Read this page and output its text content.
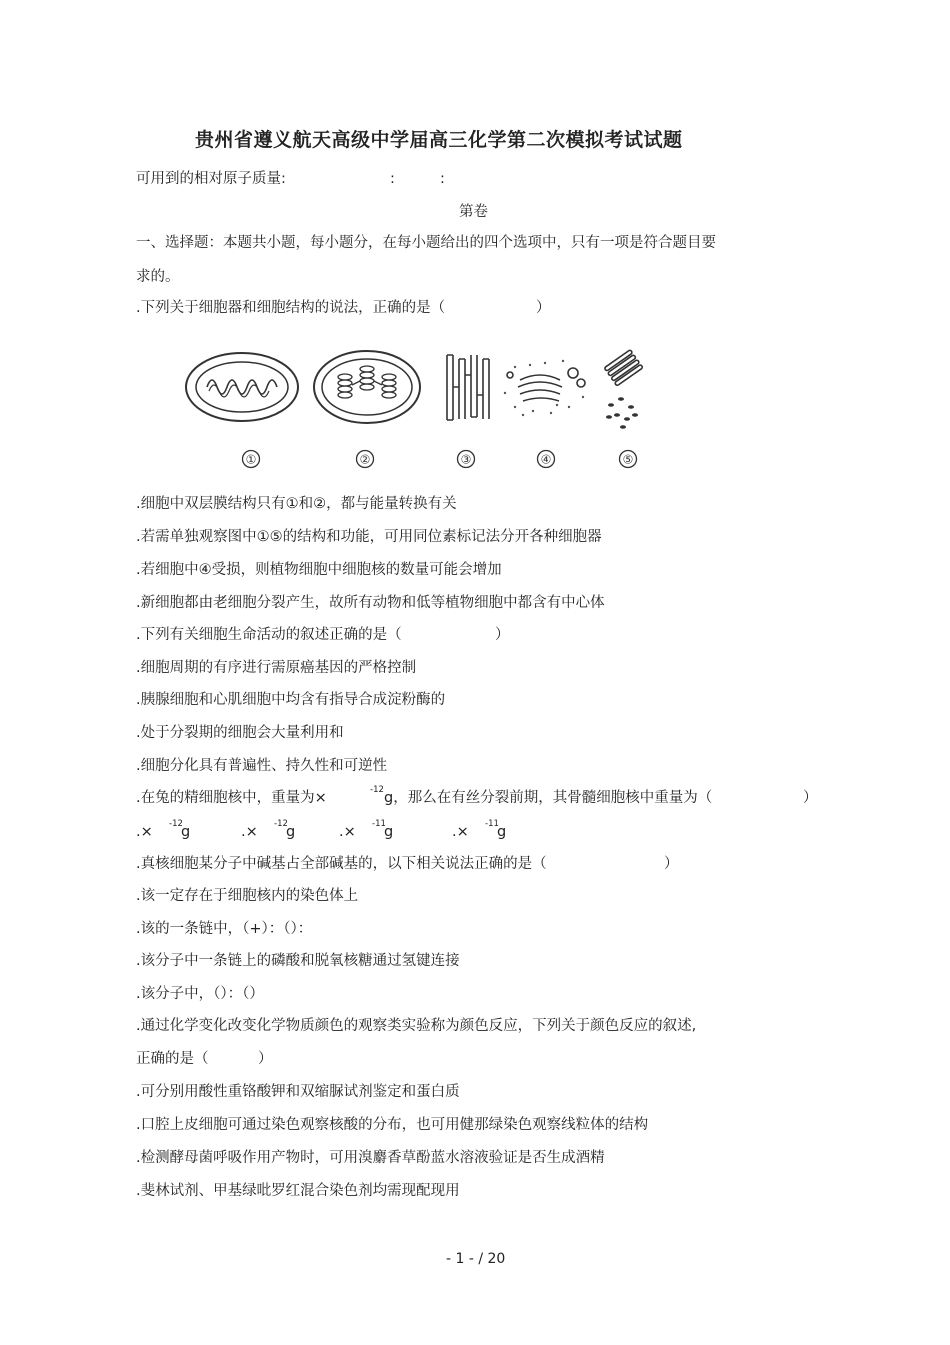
贵州省遵义航天高级中学届高三化学第二次模拟考试试题
可用到的相对原子质量:	:	:
第卷
一、选择题：本题共小题，每小题分，在每小题给出的四个选项中，只有一项是符合题目要
求的。
.下列关于细胞器和细胞结构的说法，正确的是（	）
①	②	③	④	⑤
.细胞中双层膜结构只有①和②，都与能量转换有关
.若需单独观察图中①⑤的结构和功能，可用同位素标记法分开各种细胞器
.若细胞中④受损，则植物细胞中细胞核的数量可能会增加
.新细胞都由老细胞分裂产生，故所有动物和低等植物细胞中都含有中心体
.下列有关细胞生命活动的叙述正确的是（	）
.细胞周期的有序进行需原癌基因的严格控制
.胰腺细胞和心肌细胞中均含有指导合成淀粉酶的
.处于分裂期的细胞会大量利用和
.细胞分化具有普遍性、持久性和可逆性
.在兔的精细胞核中，重量为×	-12 g，那么在有丝分裂前期，其骨髓细胞核中重量为（	）
.× -12
g	.× -12
g	.× -11
g	.× -11
g
.真核细胞某分子中碱基占全部碱基的，以下相关说法正确的是（	）
.该一定存在于细胞核内的染色体上
.该的一条链中，（+）：（）：
.该分子中一条链上的磷酸和脱氧核糖通过氢键连接
.该分子中，（）：（）
.通过化学变化改变化学物质颜色的观察类实验称为颜色反应，下列关于颜色反应的叙述,
正确的是（	）
.可分别用酸性重铬酸钾和双缩脲试剂鉴定和蛋白质
.口腔上皮细胞可通过染色观察核酸的分布，也可用健那绿染色观察线粒体的结构
.检测酵母菌呼吸作用产物时，可用溴麝香草酚蓝水溶液验证是否生成酒精
.斐林试剂、甲基绿吡罗红混合染色剂均需现配现用
- 1 - / 20
